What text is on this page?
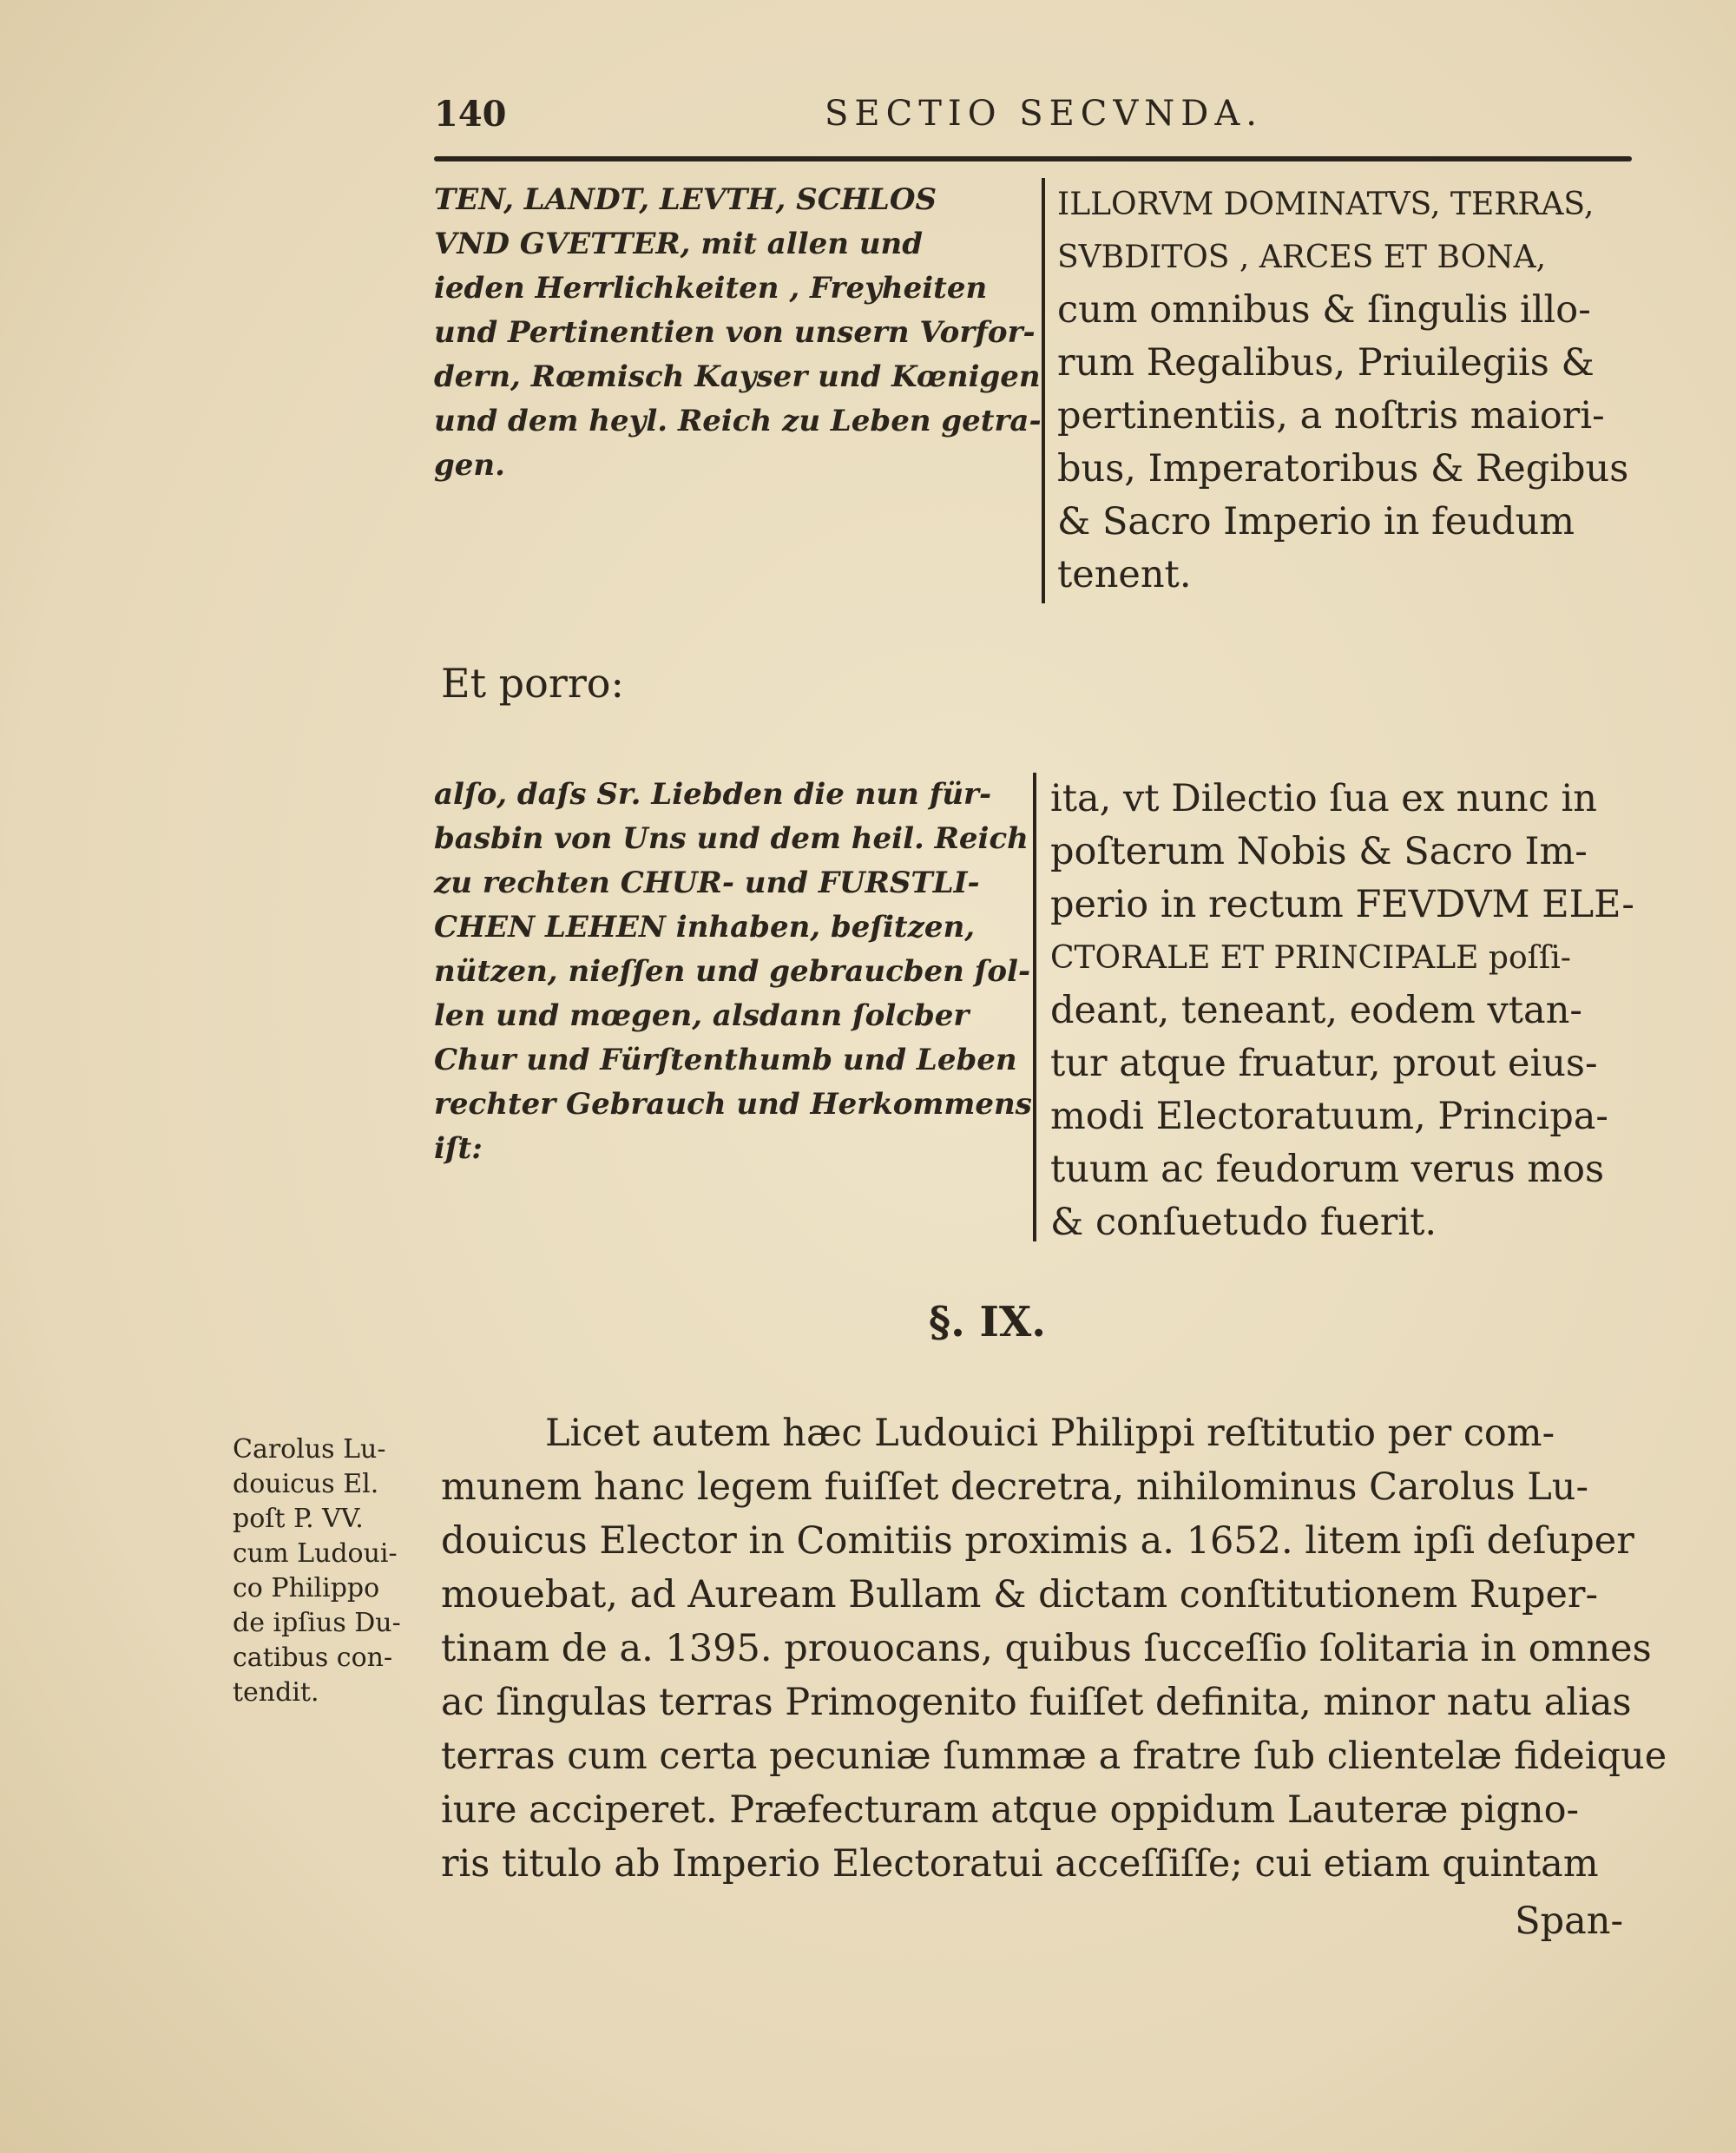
140	SECTIO SECVNDA.
TEN, LANDT, LEVTH, SCHLOS
VND GVETTER, mit allen und
ieden Herrlichkeiten , Freyheiten
und Pertinentien von unsern Vorfor-
dern, Rœmisch Kayser und Kœnigen
und dem heyl. Reich zu Leben getra-
gen.
ILLORVM DOMINATVS, TERRAS,
SVBDITOS , ARCES ET BONA,
cum omnibus & ſingulis illo-
rum Regalibus, Priuilegiis &
pertinentiis, a noſtris maiori-
bus, Imperatoribus & Regibus
& Sacro Imperio in feudum
tenent.
Et porro:
alſo, daſs Sr. Liebden die nun für-
basbin von Uns und dem heil. Reich
zu rechten CHUR- und FURSTLI-
CHEN LEHEN inhaben, beſitzen,
nützen, nieſſen und gebraucben ſol-
len und mœgen, alsdann ſolcber
Chur und Fürſtenthumb und Leben
rechter Gebrauch und Herkommens
iſt:
ita, vt Dilectio ſua ex nunc in
poſterum Nobis & Sacro Im-
perio in rectum FEVDVM ELE-
CTORALE ET PRINCIPALE poſſi-
deant, teneant, eodem vtan-
tur atque fruatur, prout eius-
modi Electoratuum, Principa-
tuum ac feudorum verus mos
& conſuetudo fuerit.
§. IX.
Carolus Lu-
douicus El.
poſt P. VV.
cum Ludoui-
co Philippo
de ipſius Du-
catibus con-
tendit.
Licet autem hæc Ludouici Philippi reſtitutio per com-
munem hanc legem fuiſſet decretra, nihilominus Carolus Lu-
douicus Elector in Comitiis proximis a. 1652. litem ipſi deſuper
mouebat, ad Auream Bullam & dictam conſtitutionem Ruper-
tinam de a. 1395. prouocans, quibus ſucceſſio ſolitaria in omnes
ac ſingulas terras Primogenito fuiſſet definita, minor natu alias
terras cum certa pecuniæ ſummæ a fratre ſub clientelæ fideique
iure acciperet. Præfecturam atque oppidum Lauteræ pigno-
ris titulo ab Imperio Electoratui acceſſiſſe; cui etiam quintam
Span-
